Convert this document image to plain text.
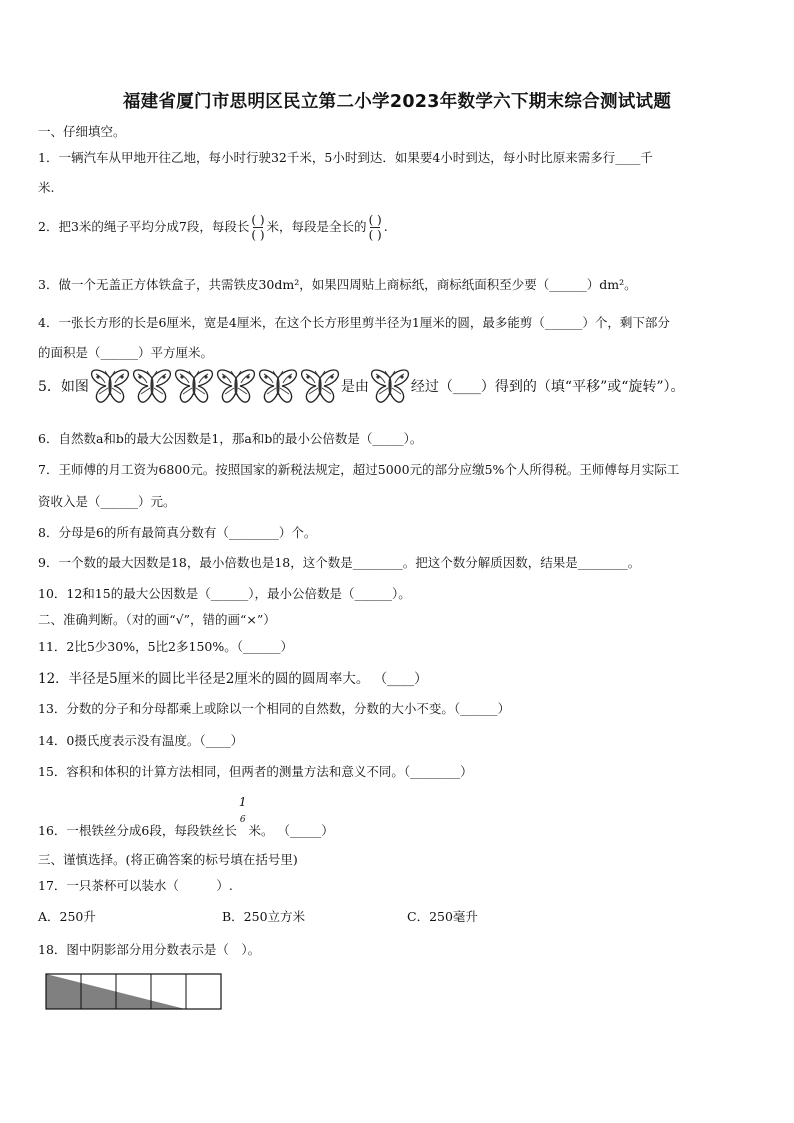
福建省厦门市思明区民立第二小学2023年数学六下期末综合测试试题
一、仔细填空。
1．一辆汽车从甲地开往乙地，每小时行驶32千米，5小时到达．如果要4小时到达，每小时比原来需多行____千
米.
2．把3米的绳子平均分成7段，每段长 $\frac{( )}{( )}$ 米，每段是全长的 $\frac{( )}{( )}$ .
3．做一个无盖正方体铁盒子，共需铁皮30dm²，如果四周贴上商标纸，商标纸面积至少要（______）dm²。
4．一张长方形的长是6厘米，宽是4厘米，在这个长方形里剪半径为1厘米的圆，最多能剪（______）个，剩下部分
的面积是（______）平方厘米。
5．如图	是由	经过（____）得到的（填“平移”或“旋转”）。
6．自然数a和b的最大公因数是1，那a和b的最小公倍数是（_____）。
7．王师傅的月工资为6800元。按照国家的新税法规定，超过5000元的部分应缴5%个人所得税。王师傅每月实际工
资收入是（______）元。
8．分母是6的所有最简真分数有（________）个。
9．一个数的最大因数是18，最小倍数也是18，这个数是________。把这个数分解质因数，结果是________。
10．12和15的最大公因数是（______），最小公倍数是（______）。
二、准确判断。（对的画“√”，错的画“×”）
11．2比5少30%，5比2多150%。（______）
12．半径是5厘米的圆比半径是2厘米的圆的圆周率大。 （____）
13．分数的分子和分母都乘上或除以一个相同的自然数，分数的大小不变。（______）
14．0摄氏度表示没有温度。（____）
15．容积和体积的计算方法相同，但两者的测量方法和意义不同。（________）
16．一根铁丝分成6段，每段铁丝长
1
6
米。 （_____）
三、谨慎选择。(将正确答案的标号填在括号里)
17．一只茶杯可以装水（　　　）.
A．250升	B．250立方米	C．250毫升
18．图中阴影部分用分数表示是（　）。
